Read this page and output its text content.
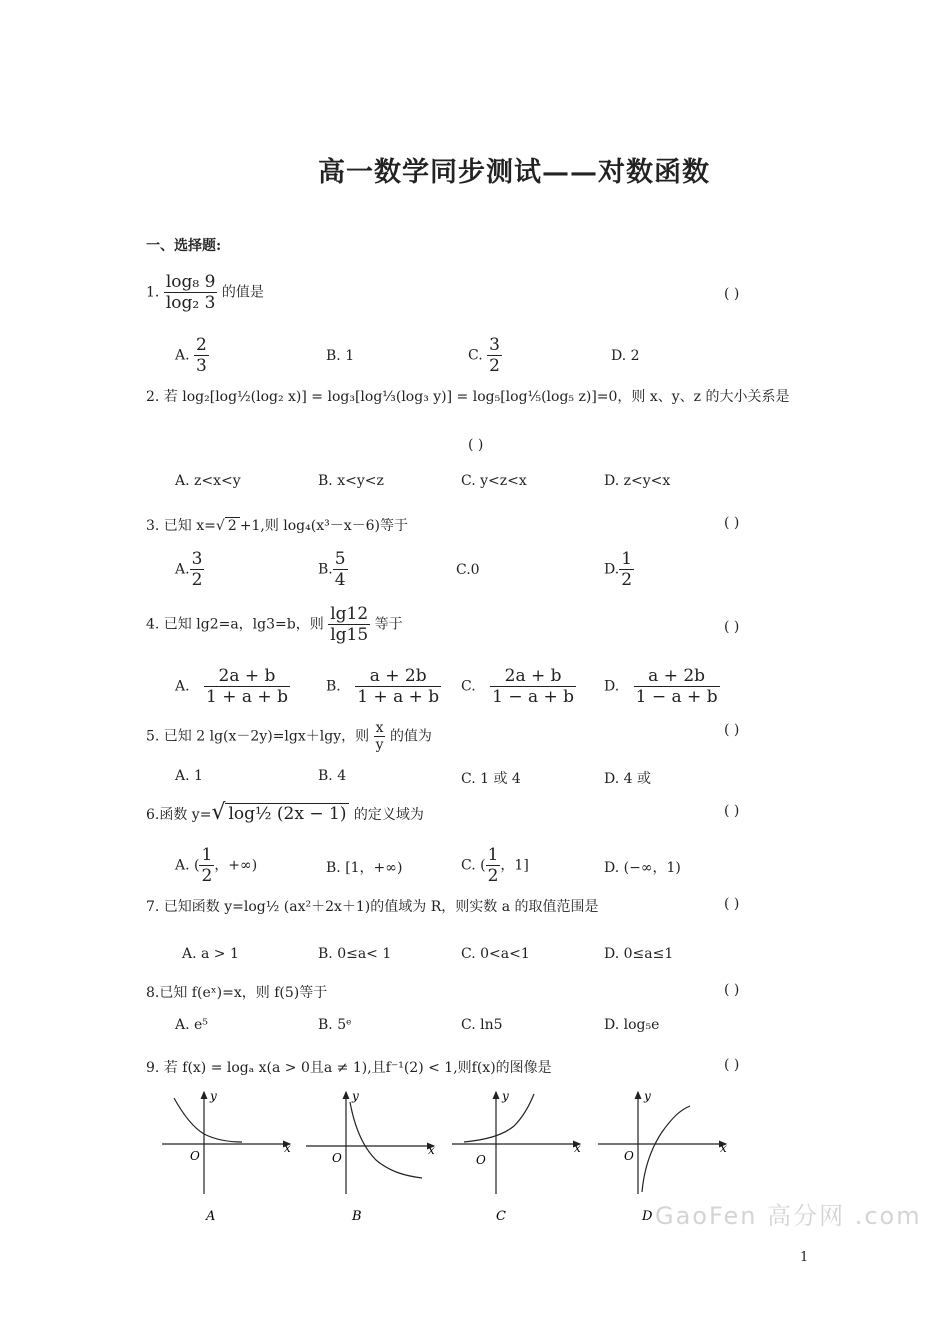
高一数学同步测试——对数函数
一、选择题:
1. $\frac{\text{log₈ 9}}{\text{log₂ 3}}$ 的值是	( )
A. $\frac{2}{3}$	B. 1	C. $\frac{3}{2}$	D. 2
2. 若 log₂[log½(log₂ x)] = log₃[log⅓(log₃ y)] = log₅[log⅕(log₅ z)]=0，则 x、y、z 的大小关系是
( )
A. z<x<y	B. x<y<z	C. y<z<x	D. z<y<x
3. 已知 x=√ 2 +1,则 log₄(x³－x－6)等于	( )
A. $\frac{3}{2}$	B. $\frac{5}{4}$	C.0	D. $\frac{1}{2}$
4. 已知 lg2=a，lg3=b，则 $\frac{\lg 12}{\lg 15}$ 等于	( )
A. $\frac{2a + b}{1 + a + b}$	B. $\frac{a + 2b}{1 + a + b} C$. $\frac{2a + b}{1 - a + b} D$. $\frac{a + 2b}{1 - a + b}$
5. 已知 2 lg(x－2y)=lgx＋lgy，则 $\frac{x}{y}$ 的值为	( )
A. 1	B. 4	C. 1 或 4	D. 4 或
6.函数 y=√ log½ (2x − 1) 的定义域为	( )
A. ( $\frac{1}{2}$ ，+∞)	B. [1，+∞)	C. ( $\frac{1}{2}$ ，1]	D. (−∞，1)
7. 已知函数 y=log½ (ax²＋2x＋1)的值域为 R，则实数 a 的取值范围是	( )
A. a > 1	B. 0≤a< 1	C. 0<a<1	D. 0≤a≤1
8.已知 f(eˣ)=x，则 f(5)等于	( )
A. e⁵	B. 5ᵉ	C. ln5	D. log₅e
9. 若 f(x) = logₐ x(a > 0且a ≠ 1),且f⁻¹(2) < 1,则f(x)的图像是	( )
y
x
O
A
y
x
O
B
y
x
O
C
y
x
O
D GaoFen 高分网 .com
1
